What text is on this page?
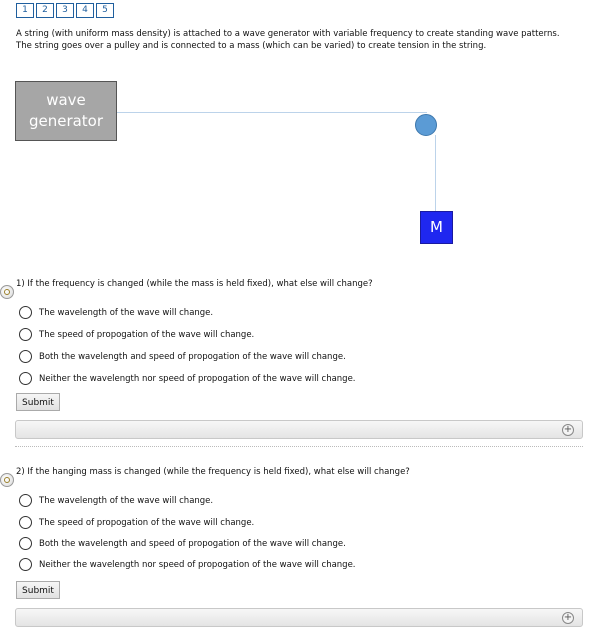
1	2	3	4	5
A string (with uniform mass density) is attached to a wave generator with variable frequency to create standing wave patterns. The string goes over a pulley and is connected to a mass (which can be varied) to create tension in the string.
wave generator
M
1) If the frequency is changed (while the mass is held fixed), what else will change?
The wavelength of the wave will change.
The speed of propogation of the wave will change.
Both the wavelength and speed of propogation of the wave will change.
Neither the wavelength nor speed of propogation of the wave will change.
Submit
+
2) If the hanging mass is changed (while the frequency is held fixed), what else will change?
The wavelength of the wave will change.
The speed of propogation of the wave will change.
Both the wavelength and speed of propogation of the wave will change.
Neither the wavelength nor speed of propogation of the wave will change.
Submit
+
